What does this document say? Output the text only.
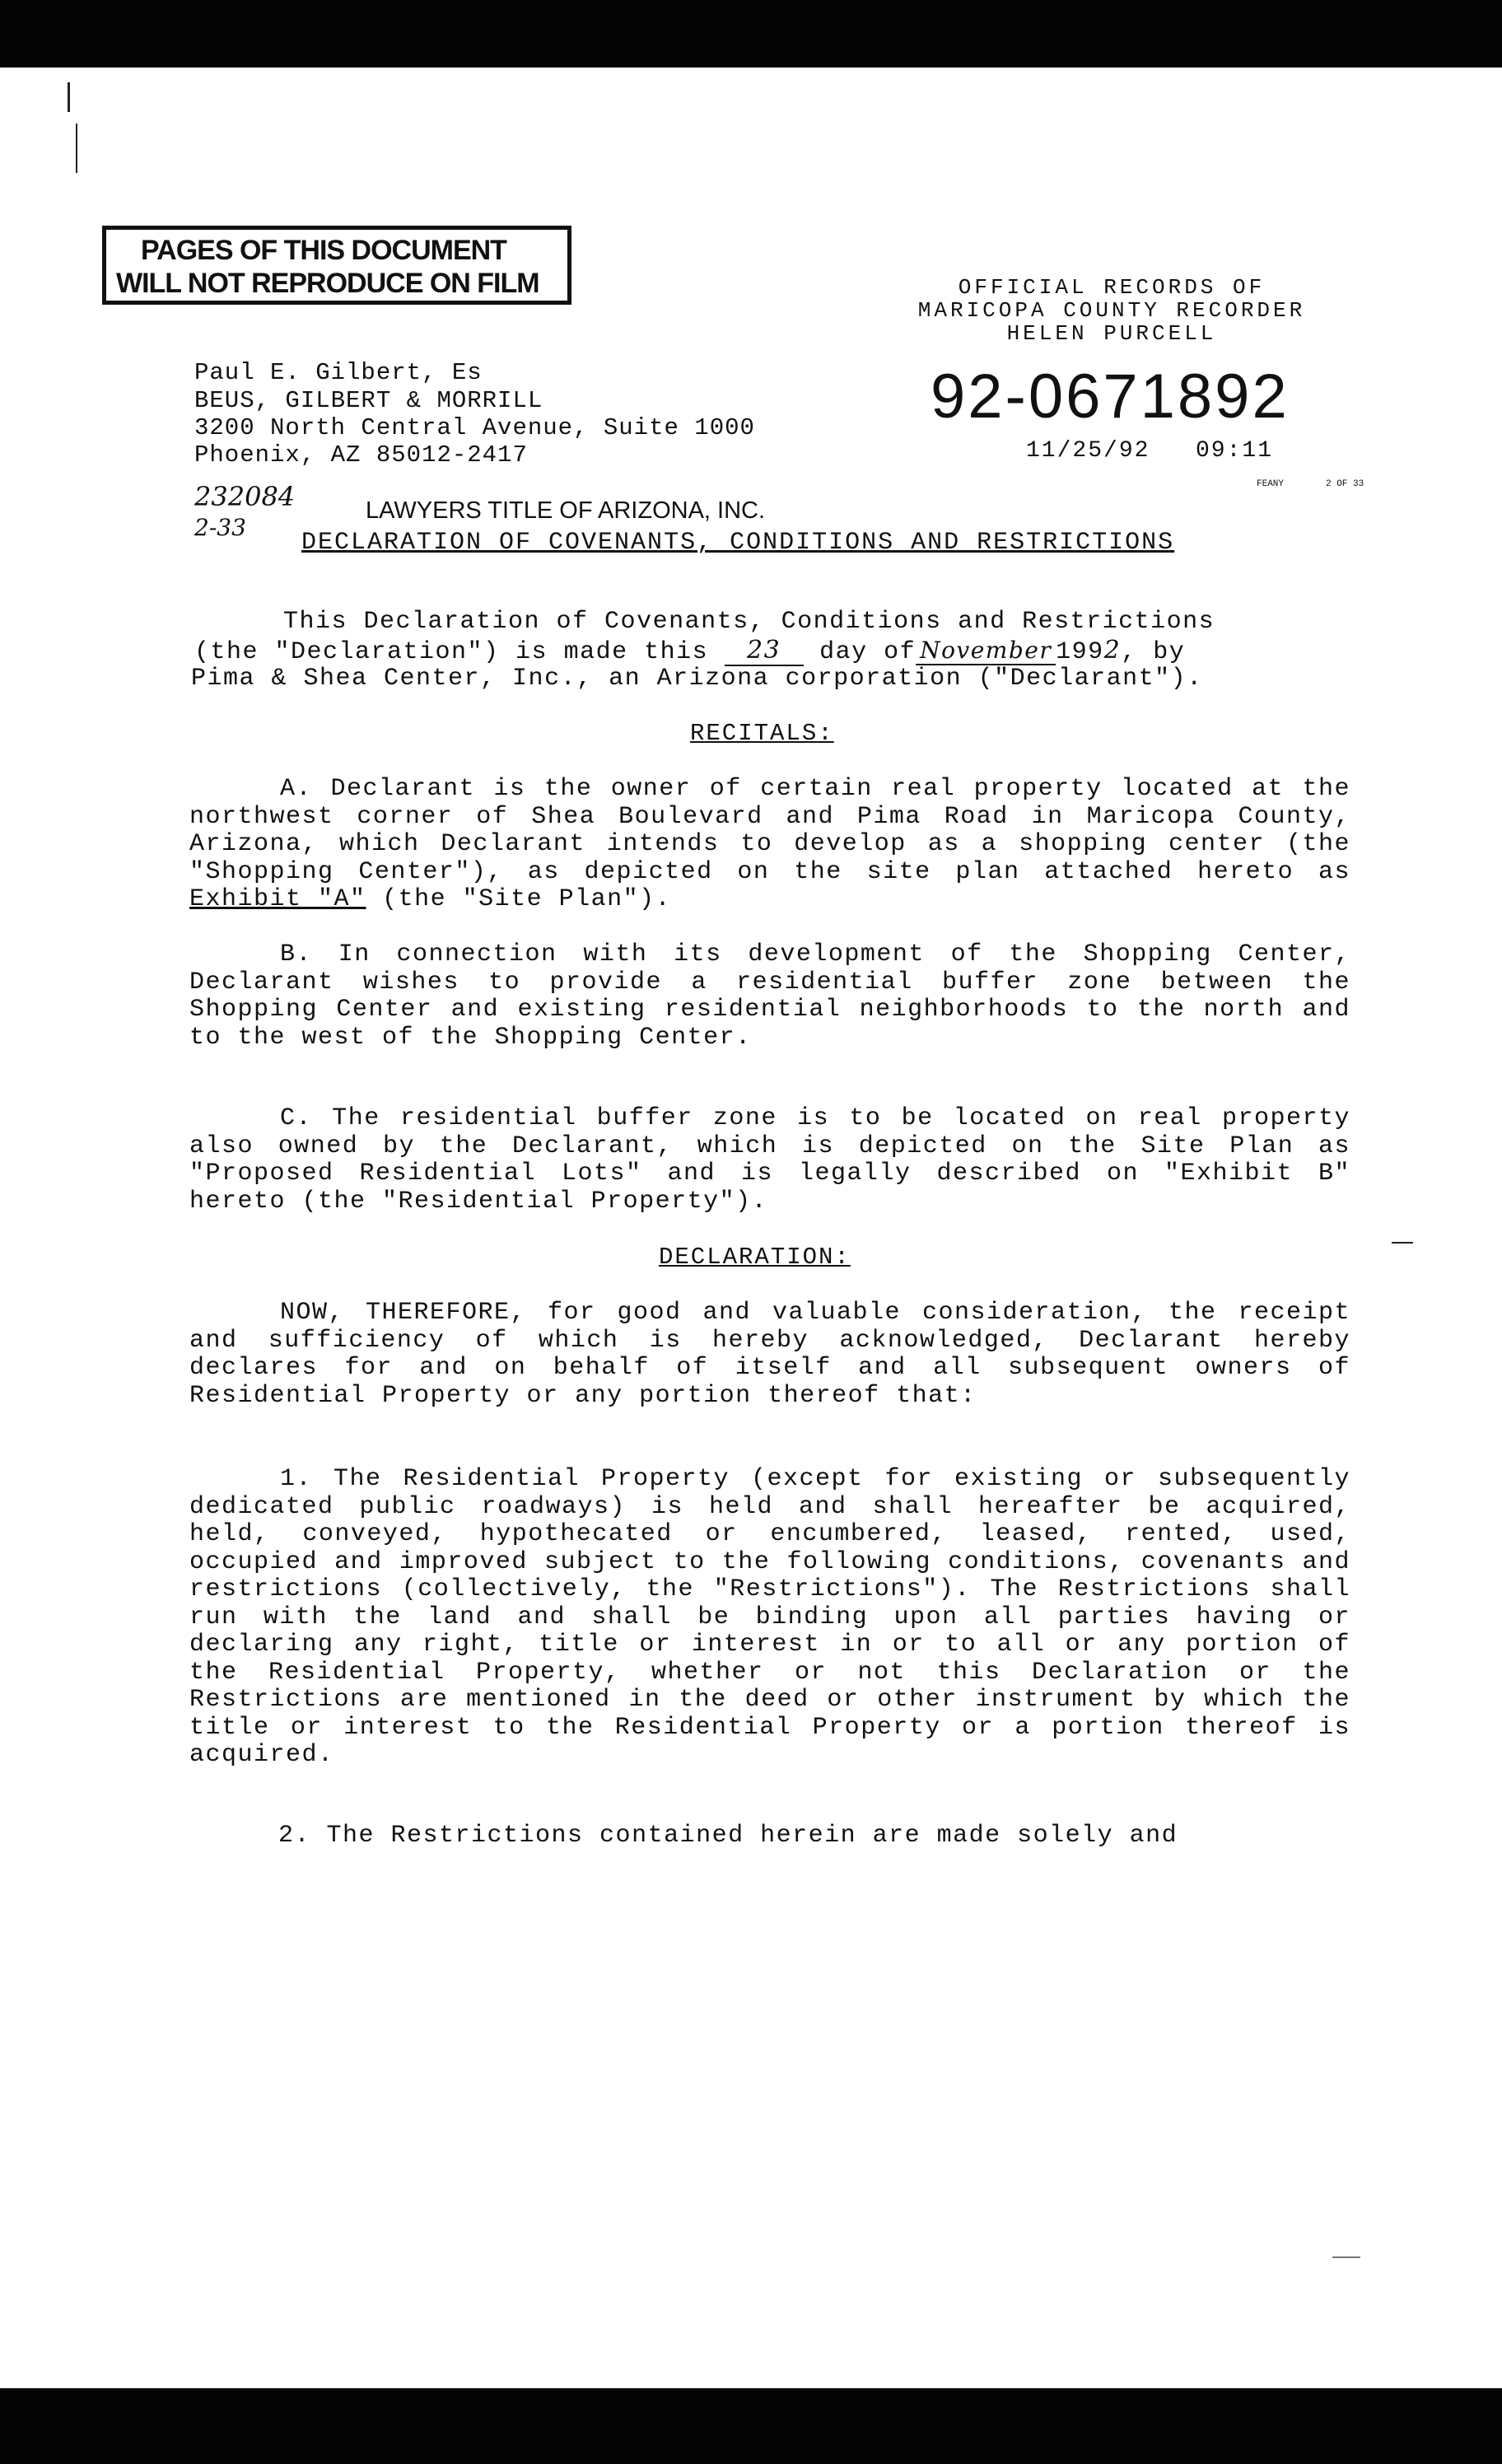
PAGES OF THIS DOCUMENT
WILL NOT REPRODUCE ON FILM	OFFICIAL RECORDS OF
MARICOPA COUNTY RECORDER
HELEN PURCELL
92-0671892
11/25/92 09:11
FEANY	2 OF 33
Paul E. Gilbert, Es
BEUS, GILBERT & MORRILL
3200 North Central Avenue, Suite 1000
Phoenix, AZ 85012-2417
232084
2-33
LAWYERS TITLE OF ARIZONA, INC.
DECLARATION OF COVENANTS, CONDITIONS AND RESTRICTIONS
This Declaration of Covenants, Conditions and Restrictions
(the "Declaration") is made this 23 day of November 1992, by
Pima & Shea Center, Inc., an Arizona corporation ("Declarant").
RECITALS:
A. Declarant is the owner of certain real property located at the northwest corner of Shea Boulevard and Pima Road in Maricopa County, Arizona, which Declarant intends to develop as a shopping center (the "Shopping Center"), as depicted on the site plan attached hereto as Exhibit "A" (the "Site Plan").
B. In connection with its development of the Shopping Center, Declarant wishes to provide a residential buffer zone between the Shopping Center and existing residential neighborhoods to the north and to the west of the Shopping Center.
C. The residential buffer zone is to be located on real property also owned by the Declarant, which is depicted on the Site Plan as "Proposed Residential Lots" and is legally described on "Exhibit B" hereto (the "Residential Property").
DECLARATION:
NOW, THEREFORE, for good and valuable consideration, the receipt and sufficiency of which is hereby acknowledged, Declarant hereby declares for and on behalf of itself and all subsequent owners of Residential Property or any portion thereof that:
1. The Residential Property (except for existing or subsequently dedicated public roadways) is held and shall hereafter be acquired, held, conveyed, hypothecated or encumbered, leased, rented, used, occupied and improved subject to the following conditions, covenants and restrictions (collectively, the "Restrictions"). The Restrictions shall run with the land and shall be binding upon all parties having or declaring any right, title or interest in or to all or any portion of the Residential Property, whether or not this Declaration or the Restrictions are mentioned in the deed or other instrument by which the title or interest to the Residential Property or a portion thereof is acquired.
2. The Restrictions contained herein are made solely and
